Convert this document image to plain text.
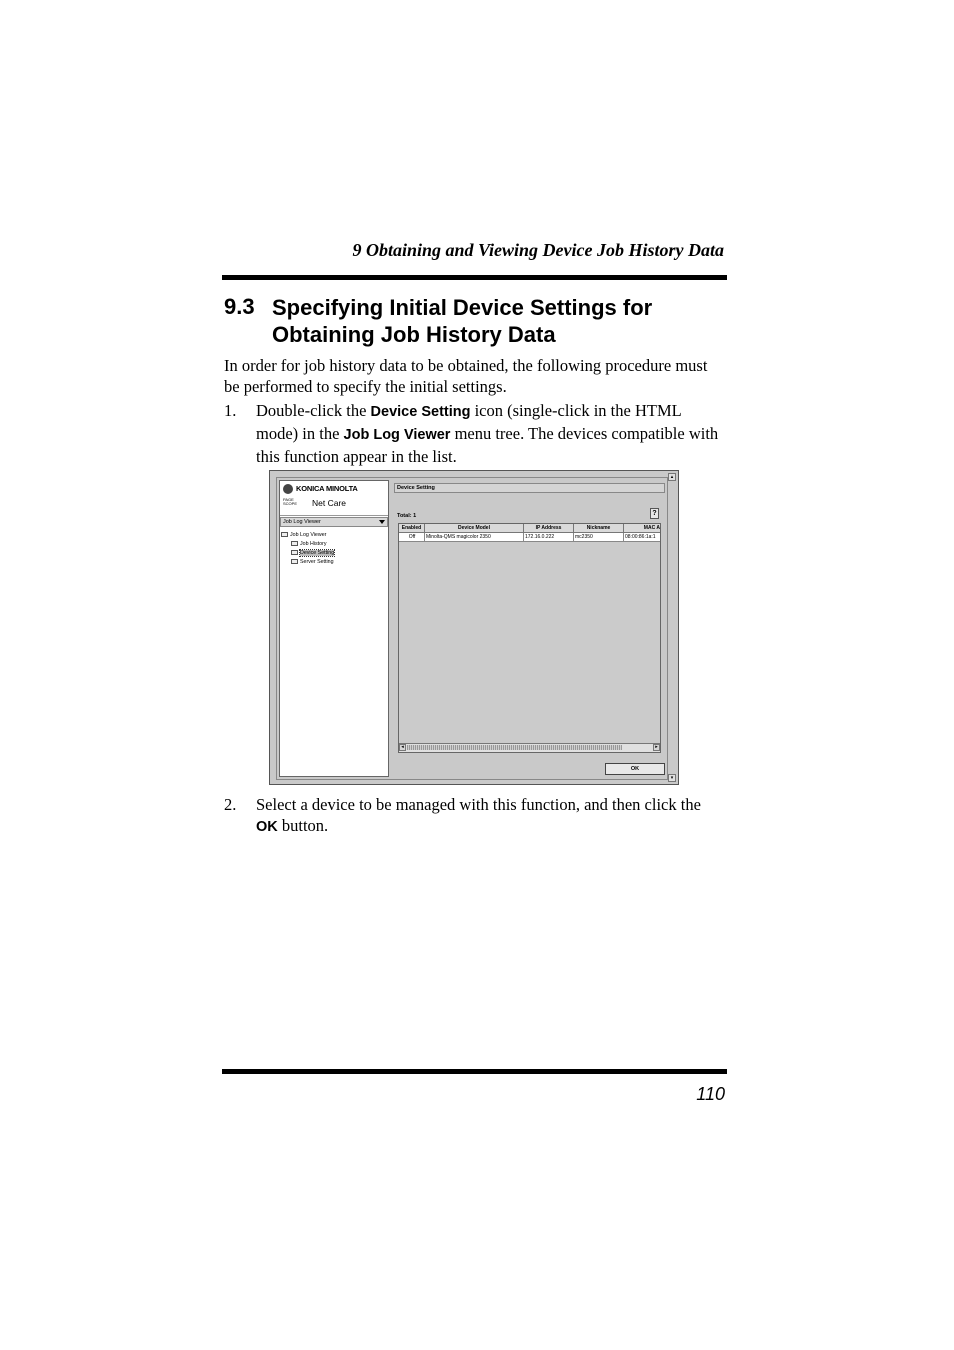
9 Obtaining and Viewing Device Job History Data
9.3 Specifying Initial Device Settings for
Obtaining Job History Data
In order for job history data to be obtained, the following procedure must be performed to specify the initial settings.
1. Double-click the Device Setting icon (single-click in the HTML mode) in the Job Log Viewer menu tree. The devices compatible with this function appear in the list.
KONICA MINOLTA
PAGE SCOPE Net Care
Job Log Viewer
Job Log Viewer
Job History
Device Setting
Server Setting
Device Setting
Total: 1	?
Enabled	Device Model	IP Address	Nickname	MAC A
Off	Minolta-QMS magicolor 2350	172.16.0.222	mc2350	08:00:86:1a:1
◂	▸
OK
▴
▾
2. Select a device to be managed with this function, and then click the OK button.
110
